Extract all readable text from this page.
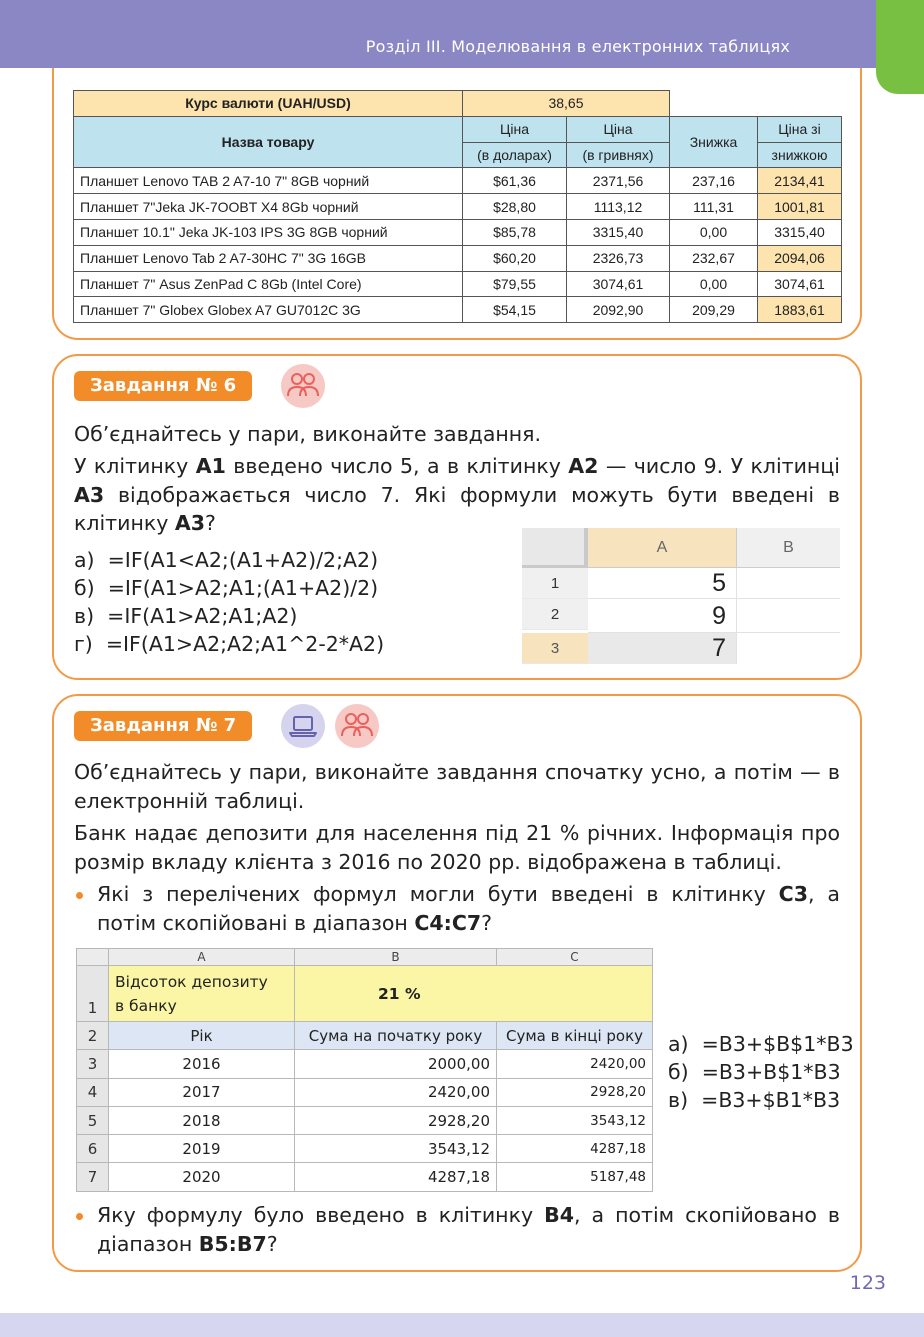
Розділ III. Моделювання в електронних таблицях
Курс валюти (UAH/USD)	38,65			
Назва товару	Ціна	Ціна	Знижка	Ціна зі
	(в доларах)	(в гривнях)		знижкою
Планшет Lenovo TAB 2 A7-10 7" 8GB чорний	$61,36	2371,56	237,16	2134,41
Планшет 7"Jeka JK-7OOBT X4 8Gb чорний	$28,80	1113,12	111,31	1001,81
Планшет 10.1" Jeka JK-103 IPS 3G 8GB чорний	$85,78	3315,40	0,00	3315,40
Планшет Lenovo Tab 2 A7-30HC 7" 3G 16GB	$60,20	2326,73	232,67	2094,06
Планшет 7" Asus ZenPad C 8Gb (Intel Core)	$79,55	3074,61	0,00	3074,61
Планшет 7" Globex Globex A7 GU7012C 3G	$54,15	2092,90	209,29	1883,61
Завдання № 6
Об’єднайтесь у пари, виконайте завдання.
У клітинку A1 введено число 5, а в клітинку A2 — число 9. У клітинці A3 відображається число 7. Які формули можуть бути введені в клітинку A3?
а) =IF(A1<A2;(A1+A2)/2;A2)
б) =IF(A1>A2;A1;(A1+A2)/2)
в) =IF(A1>A2;A1;A2)
г) =IF(A1>A2;A2;A1^2-2*A2)
A	B
1	5
2	9
3	7
Завдання № 7
Об’єднайтесь у пари, виконайте завдання спочатку усно, а потім — в електронній таблиці.
Банк надає депозити для населення під 21 % річних. Інформація про розмір вкладу клієнта з 2016 по 2020 рр. відображена в таблиці.
Які з перелічених формул могли бути введені в клітинку C3, а потім скопійовані в діапазон C4:C7?
	A	B	C
1	Відсоток депозиту
в банку	21 %	
2	Рік	Сума на початку року	Сума в кінці року
3	2016	2000,00	2420,00
4	2017	2420,00	2928,20
5	2018	2928,20	3543,12
6	2019	3543,12	4287,18
7	2020	4287,18	5187,48
а) =B3+$B$1*B3
б) =B3+B$1*B3
в) =B3+$B1*B3
Яку формулу було введено в клітинку B4, а потім скопійовано в діапазон B5:B7?
123
